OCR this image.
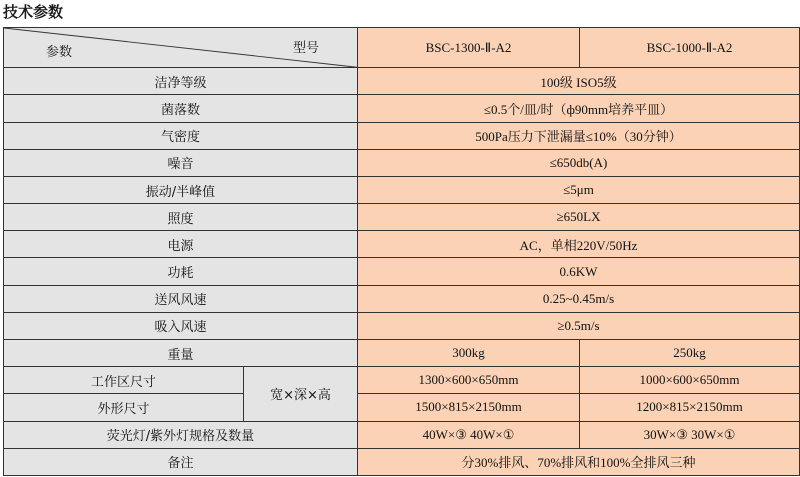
技术参数
参数 型号		BSC-1300-Ⅱ-A2	BSC-1000-Ⅱ-A2
洁净等级		100级 ISO5级	
菌落数		≤0.5个/皿/时（ф90mm培养平皿）	
气密度		500Pa压力下泄漏量≤10%（30分钟）	
噪音		≤650db(A)	
振动/半峰值		≤5μm	
照度		≥650LX	
电源		AC，单相220V/50Hz	
功耗		0.6KW	
送风风速		0.25~0.45m/s	
吸入风速		≥0.5m/s	
重量		300kg	250kg
工作区尺寸	宽×深×高	1300×600×650mm	1000×600×650mm
外形尺寸		1500×815×2150mm	1200×815×2150mm
荧光灯/紫外灯规格及数量		40W×③ 40W×①	30W×③ 30W×①
备注		分30%排风、70%排风和100%全排风三种	
